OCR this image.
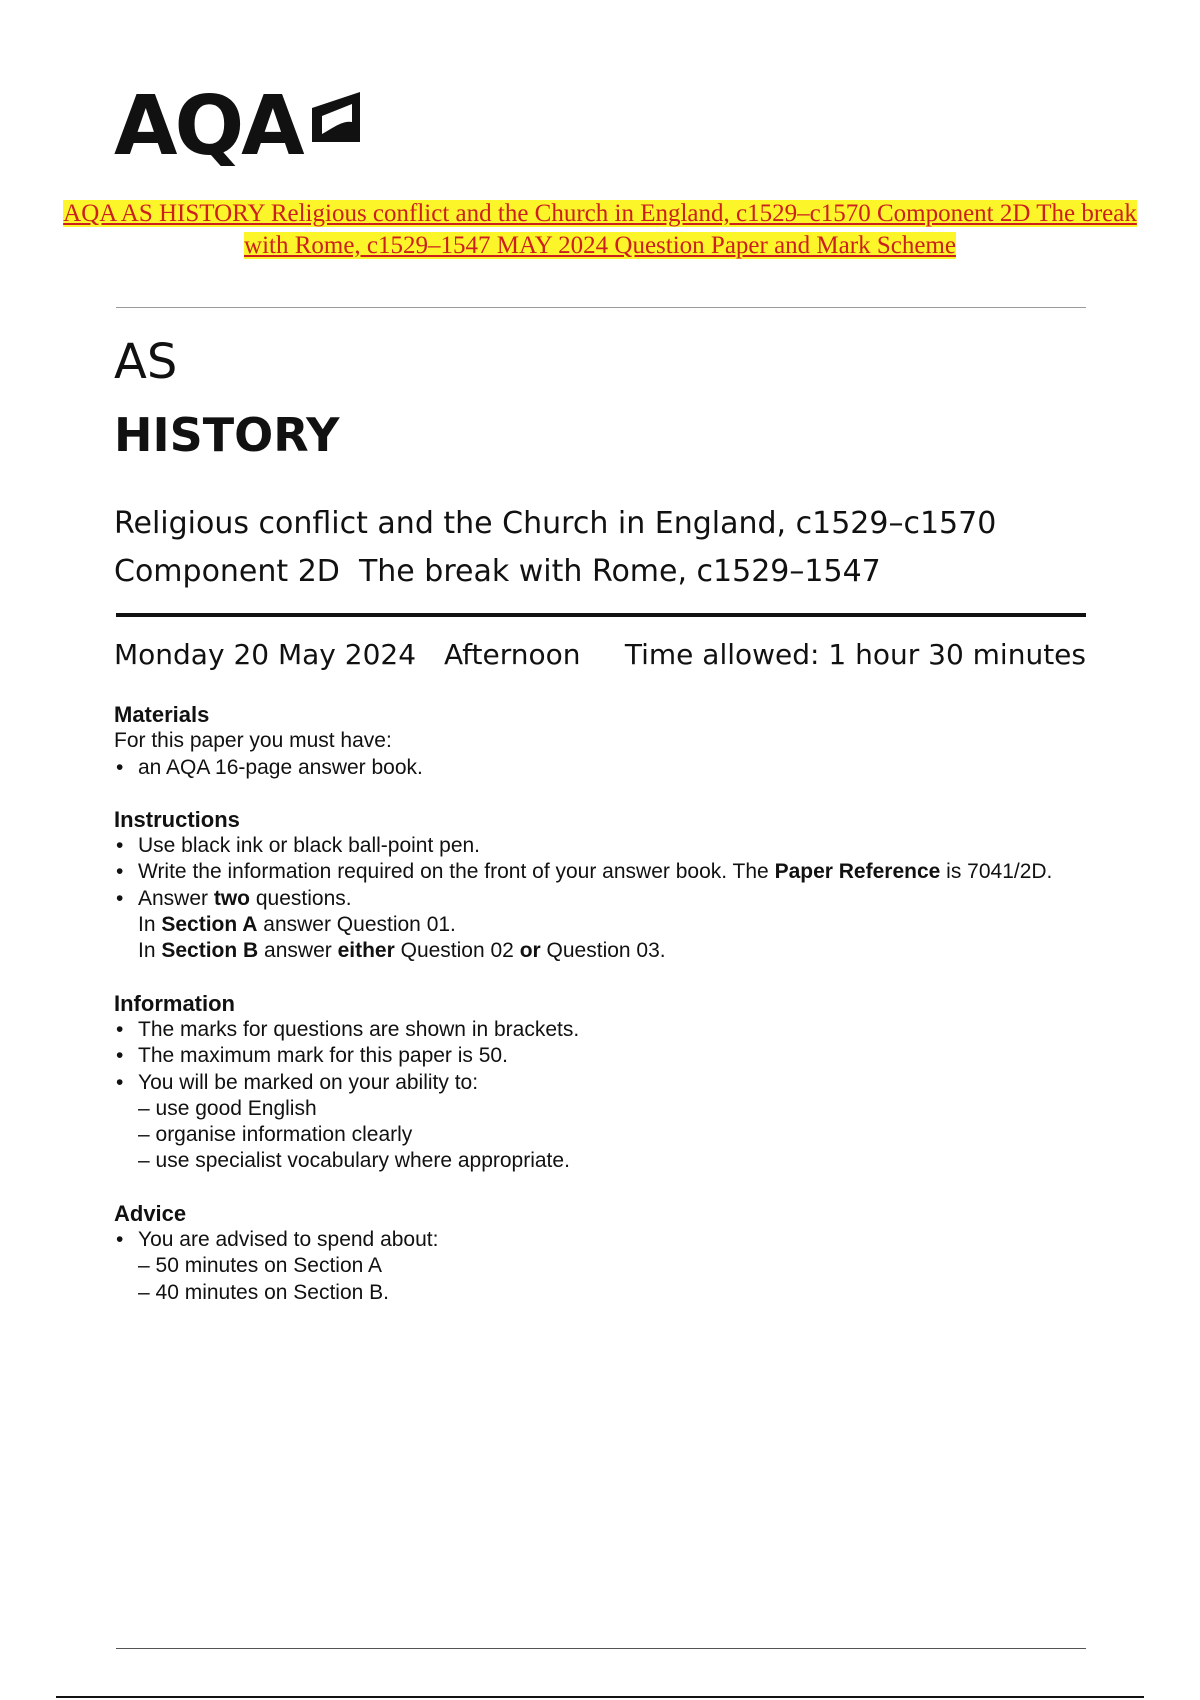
AQA
AQA AS HISTORY Religious conflict and the Church in England, c1529–c1570 Component 2D The break with Rome, c1529–1547 MAY 2024 Question Paper and Mark Scheme
AS
HISTORY
Religious conflict and the Church in England, c1529–c1570
Component 2D  The break with Rome, c1529–1547
Monday 20 May 2024 Afternoon	Time allowed: 1 hour 30 minutes
Materials
For this paper you must have:
• an AQA 16-page answer book.
Instructions
• Use black ink or black ball-point pen.
• Write the information required on the front of your answer book. The Paper Reference is 7041/2D.
• Answer two questions.
In Section A answer Question 01.
In Section B answer either Question 02 or Question 03.
Information
• The marks for questions are shown in brackets.
• The maximum mark for this paper is 50.
• You will be marked on your ability to:
– use good English
– organise information clearly
– use specialist vocabulary where appropriate.
Advice
• You are advised to spend about:
– 50 minutes on Section A
– 40 minutes on Section B.
